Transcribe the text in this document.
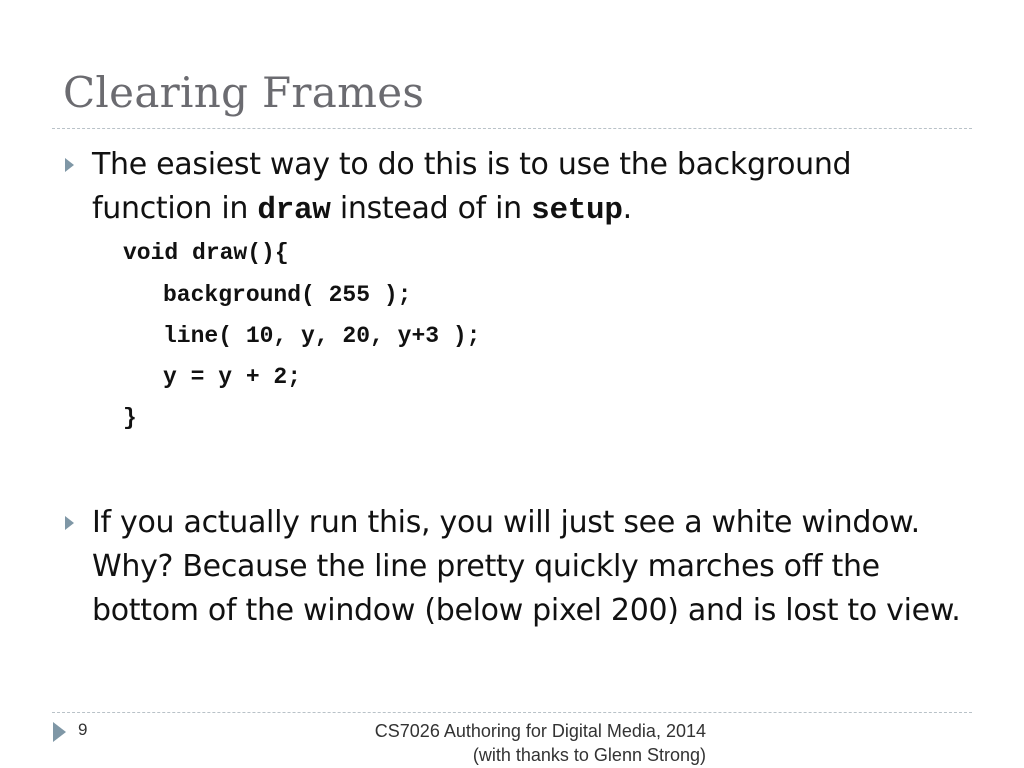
Clearing Frames
The easiest way to do this is to use the background function in draw instead of in setup.
void draw(){
background( 255 );
line( 10, y, 20, y+3 );
y = y + 2;
}
If you actually run this, you will just see a white window. Why? Because the line pretty quickly marches off the bottom of the window (below pixel 200) and is lost to view.
9	CS7026 Authoring for Digital Media, 2014
(with thanks to Glenn Strong)
